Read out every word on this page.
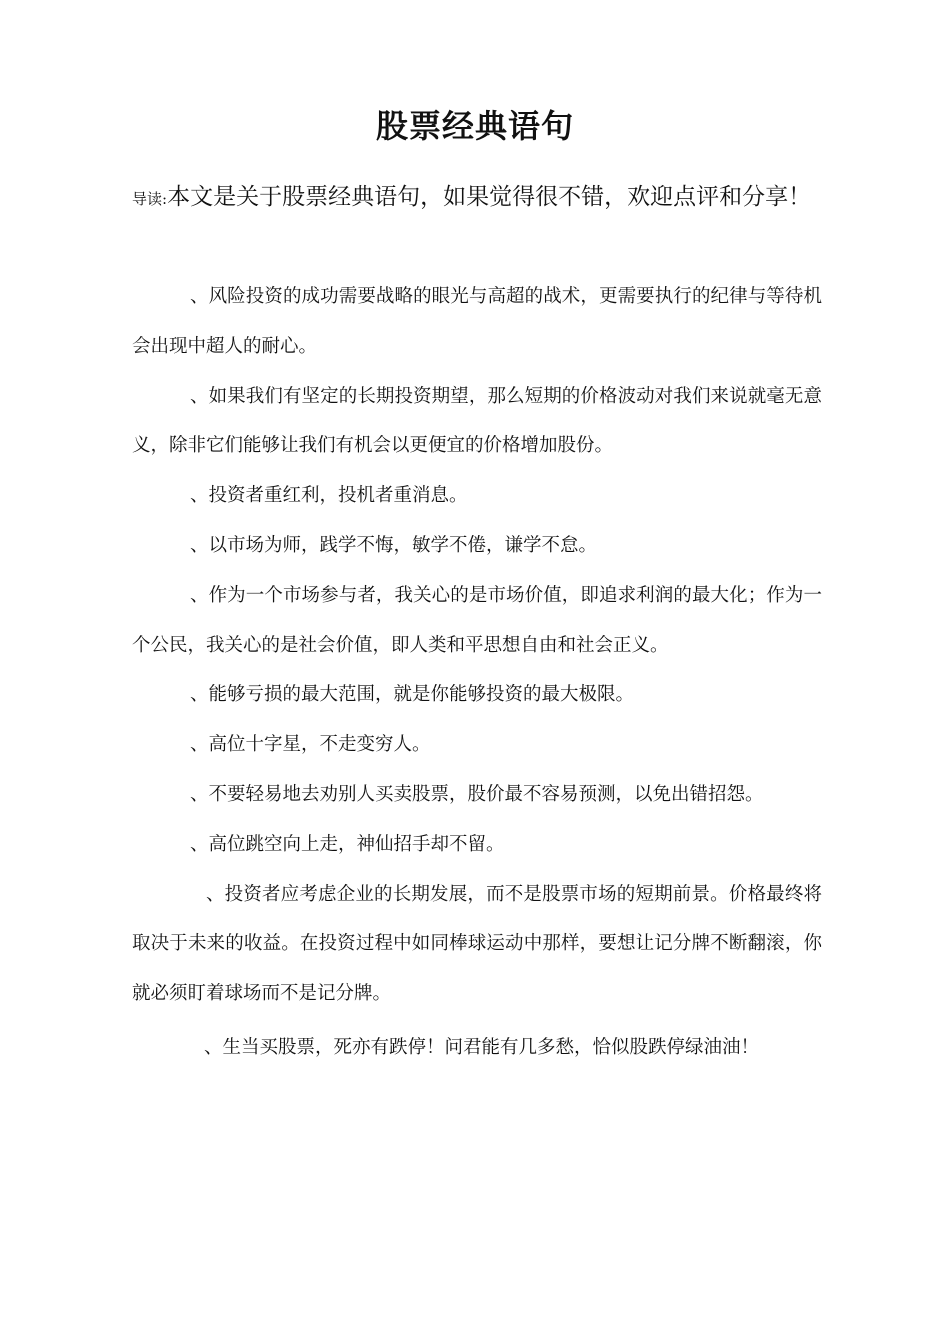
股票经典语句
导读:本文是关于股票经典语句，如果觉得很不错，欢迎点评和分享！

、风险投资的成功需要战略的眼光与高超的战术，更需要执行的纪律与等待机会出现中超人的耐心。

、如果我们有坚定的长期投资期望，那么短期的价格波动对我们来说就毫无意义，除非它们能够让我们有机会以更便宜的价格增加股份。

、投资者重红利，投机者重消息。

、以市场为师，践学不悔，敏学不倦，谦学不怠。

、作为一个市场参与者，我关心的是市场价值，即追求利润的最大化；作为一个公民，我关心的是社会价值，即人类和平思想自由和社会正义。

、能够亏损的最大范围，就是你能够投资的最大极限。

、高位十字星，不走变穷人。

、不要轻易地去劝别人买卖股票，股价最不容易预测，以免出错招怨。

、高位跳空向上走，神仙招手却不留。

、投资者应考虑企业的长期发展，而不是股票市场的短期前景。价格最终将取决于未来的收益。在投资过程中如同棒球运动中那样，要想让记分牌不断翻滚，你就必须盯着球场而不是记分牌。

、生当买股票，死亦有跌停！问君能有几多愁，恰似股跌停绿油油！
